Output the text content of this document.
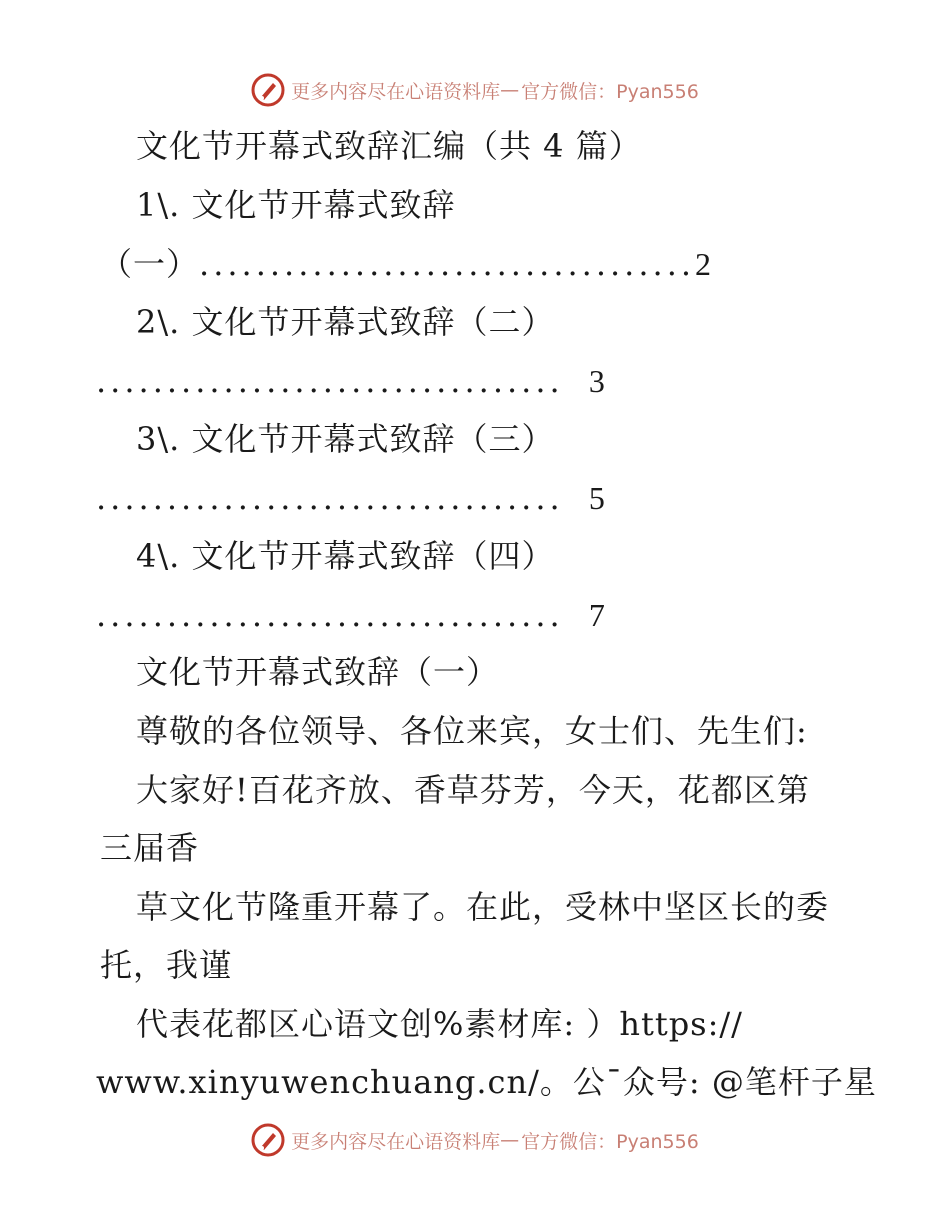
更多内容尽在心语资料库 — 官方微信：Pyan556
文化节开幕式致辞汇编（共 4 篇）
1\. 文化节开幕式致辞
（一）...................................2
2\. 文化节开幕式致辞（二）
................................. 3
3\. 文化节开幕式致辞（三）
................................. 5
4\. 文化节开幕式致辞（四）
................................. 7
文化节开幕式致辞（一）
尊敬的各位领导、各位来宾，女士们、先生们:
大家好!百花齐放、香草芬芳，今天，花都区第
三届香
草文化节隆重开幕了。在此，受林中坚区长的委
托，我谨
代表花都区心语文创%素材库: ）https://
www.xinyuwenchuang.cn/。公¯众号: @笔杆子星
更多内容尽在心语资料库 — 官方微信：Pyan556
